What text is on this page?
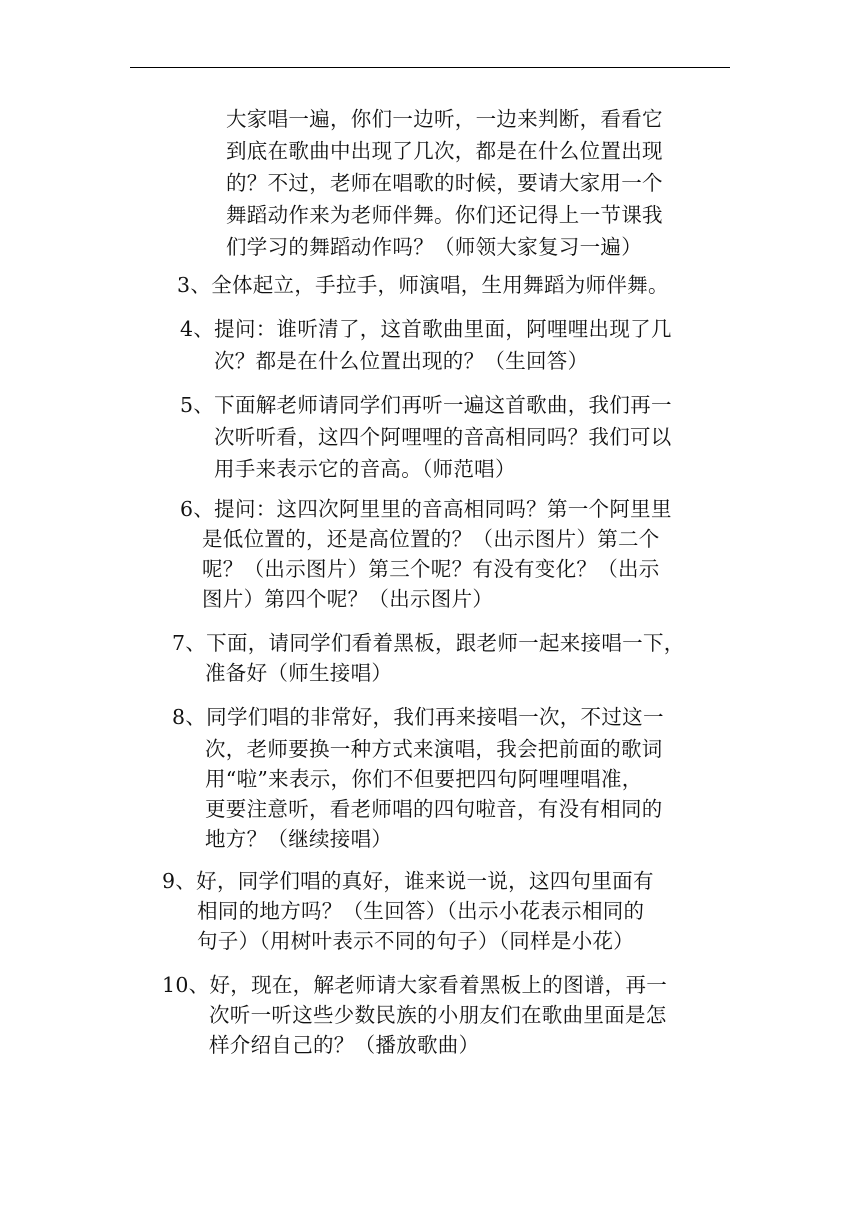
大家唱一遍，你们一边听，一边来判断，看看它
到底在歌曲中出现了几次，都是在什么位置出现
的？不过，老师在唱歌的时候，要请大家用一个
舞蹈动作来为老师伴舞。你们还记得上一节课我
们学习的舞蹈动作吗？（师领大家复习一遍）
3、全体起立，手拉手，师演唱，生用舞蹈为师伴舞。
4、提问：谁听清了，这首歌曲里面，阿哩哩出现了几
次？都是在什么位置出现的？（生回答）
5、下面解老师请同学们再听一遍这首歌曲，我们再一
次听听看，这四个阿哩哩的音高相同吗？我们可以
用手来表示它的音高。（师范唱）
6、提问：这四次阿里里的音高相同吗？第一个阿里里
是低位置的，还是高位置的？（出示图片）第二个
呢？（出示图片）第三个呢？有没有变化？（出示
图片）第四个呢？（出示图片）
7、下面，请同学们看着黑板，跟老师一起来接唱一下，
准备好（师生接唱）
8、同学们唱的非常好，我们再来接唱一次，不过这一
次，老师要换一种方式来演唱，我会把前面的歌词
用“啦”来表示，你们不但要把四句阿哩哩唱准，
更要注意听，看老师唱的四句啦音，有没有相同的
地方？（继续接唱）
9、好，同学们唱的真好，谁来说一说，这四句里面有
相同的地方吗？（生回答）（出示小花表示相同的
句子）（用树叶表示不同的句子）（同样是小花）
10、好，现在，解老师请大家看着黑板上的图谱，再一
次听一听这些少数民族的小朋友们在歌曲里面是怎
样介绍自己的？（播放歌曲）
